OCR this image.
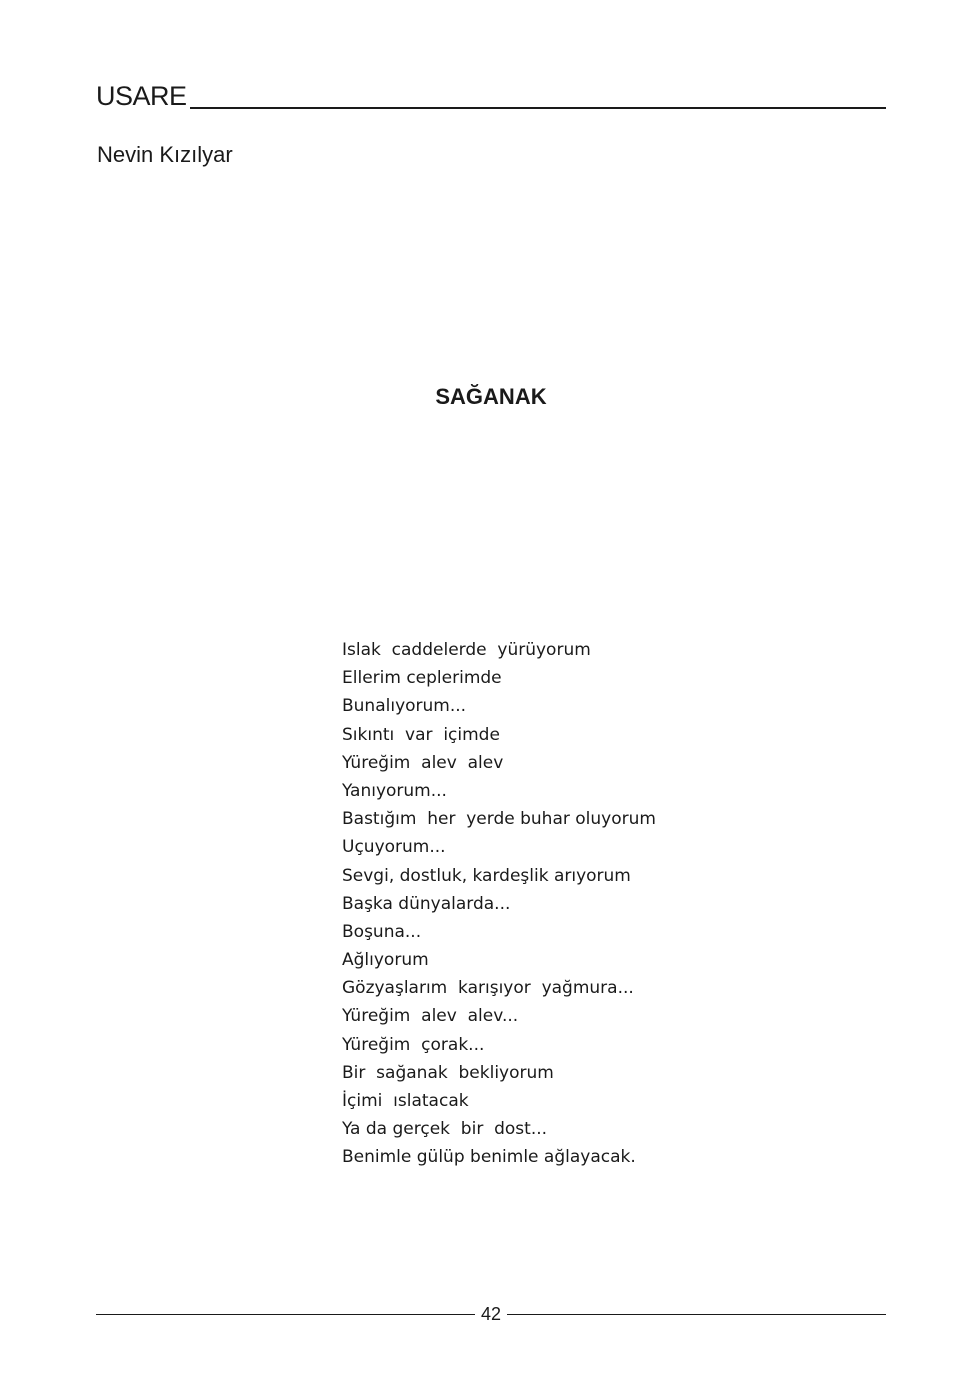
USARE
Nevin Kızılyar
SAĞANAK
Islak  caddelerde  yürüyorum
Ellerim ceplerimde
Bunalıyorum...
Sıkıntı  var  içimde
Yüreğim  alev  alev
Yanıyorum...
Bastığım  her  yerde buhar oluyorum
Uçuyorum...
Sevgi, dostluk, kardeşlik arıyorum
Başka dünyalarda...
Boşuna...
Ağlıyorum
Gözyaşlarım  karışıyor  yağmura...
Yüreğim  alev  alev...
Yüreğim  çorak...
Bir  sağanak  bekliyorum
İçimi  ıslatacak
Ya da gerçek  bir  dost...
Benimle gülüp benimle ağlayacak.
42
